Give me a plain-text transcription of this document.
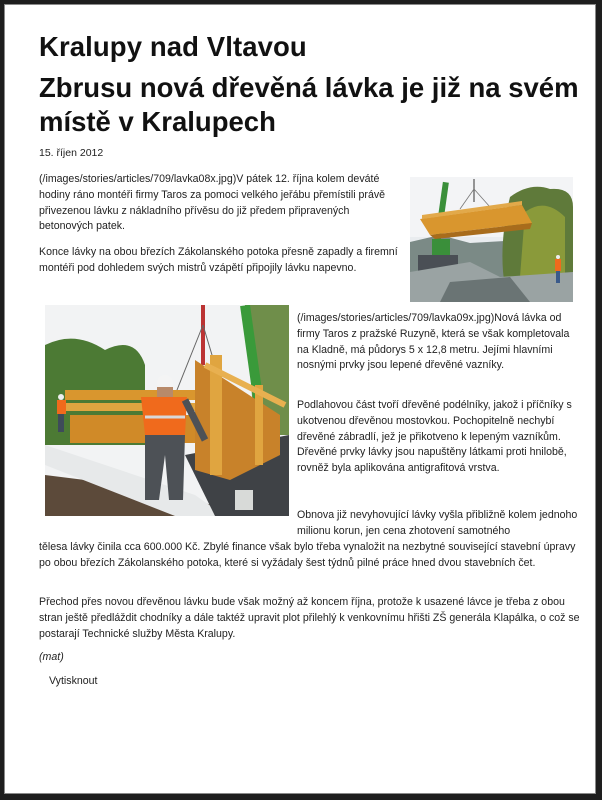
Kralupy nad Vltavou
Zbrusu nová dřevěná lávka je již na svém místě v Kralupech
15. říjen 2012

(/images/stories/articles/709/lavka08x.jpg)V pátek 12. října kolem deváté hodiny ráno montéři firmy Taros za pomoci velkého jeřábu přemístili právě přivezenou lávku z nákladního přívěsu do již předem připravených betonových patek.

Konce lávky na obou březích Zákolanského potoka přesně zapadly a firemní montéři pod dohledem svých mistrů vzápětí připojily lávku napevno.

(/images/stories/articles/709/lavka09x.jpg)Nová lávka od firmy Taros z pražské Ruzyně, která se však kompletovala na Kladně, má půdorys 5 x 12,8 metru. Jejími hlavními nosnými prvky jsou lepené dřevěné vazníky.

Podlahovou část tvoří dřevěné podélníky, jakož i příčníky s ukotvenou dřevěnou mostovkou. Pochopitelně nechybí dřevěné zábradlí, jež je přikotveno k lepeným vazníkům. Dřevěné prvky lávky jsou napuštěny látkami proti hnilobě, rovněž byla aplikována antigrafitová vrstva.

Obnova již nevyhovující lávky vyšla přibližně kolem jednoho milionu korun, jen cena zhotovení samotného

tělesa lávky činila cca 600.000 Kč. Zbylé finance však bylo třeba vynaložit na nezbytné související stavební úpravy po obou březích Zákolanského potoka, které si vyžádaly šest týdnů pilné práce hned dvou stavebních čet.

Přechod přes novou dřevěnou lávku bude však možný až koncem října, protože k usazené lávce je třeba z obou stran ještě předláždit chodníky a dále taktéž upravit plot přilehlý k venkovnímu hřišti ZŠ generála Klapálka, o což se postarají Technické služby Města Kralupy.

(mat)

Vytisknout
